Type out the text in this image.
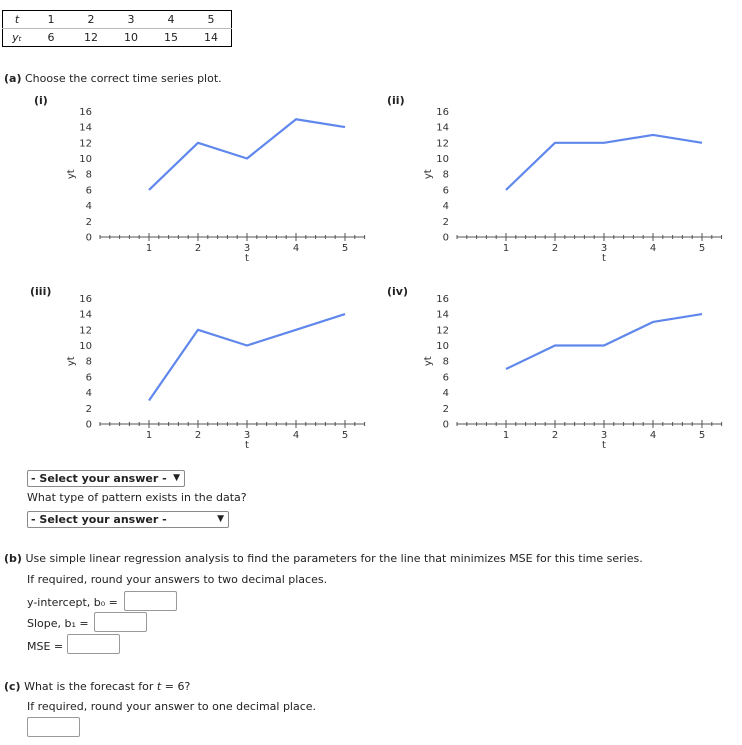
t	1	2	3	4	5
yₜ	6	12	10	15	14
(a) Choose the correct time series plot.
(i)	(ii)
(iii)	(iv)
1	2	3	4	5
t
0
2
4
6
8
10
12
14
16
yt
1	2	3	4	5
t
0
2
4
6
8
10
12
14
16
yt
1	2	3	4	5
t
0
2
4
6
8
10
12
14
16
yt
1	2	3	4	5
t
0
2
4
6
8
10
12
14
16
yt
- Select your answer - ▼
What type of pattern exists in the data?
- Select your answer -	▼
(b) Use simple linear regression analysis to find the parameters for the line that minimizes MSE for this time series.
If required, round your answers to two decimal places.
y-intercept, b₀ =
Slope, b₁ =
MSE =
(c) What is the forecast for t = 6?
If required, round your answer to one decimal place.
